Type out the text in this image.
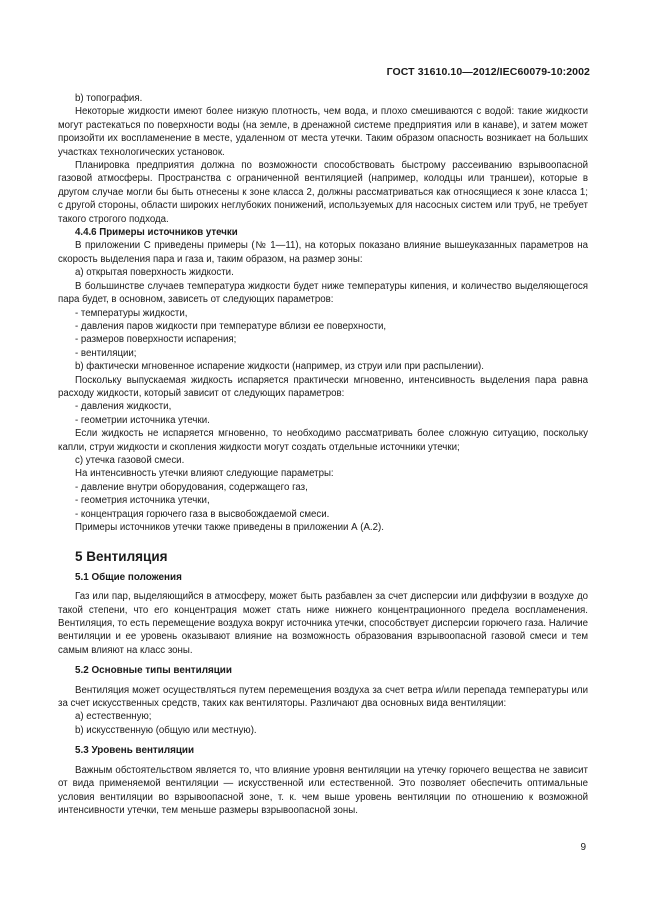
ГОСТ 31610.10—2012/IEC60079-10:2002

b) топография.

Некоторые жидкости имеют более низкую плотность, чем вода, и плохо смешиваются с водой: такие жидкости могут растекаться по поверхности воды (на земле, в дренажной системе предприятия или в канаве), и затем может произойти их воспламенение в месте, удаленном от места утечки. Таким образом опасность возникает на больших участках технологических установок.

Планировка предприятия должна по возможности способствовать быстрому рассеиванию взрывоопасной газовой атмосферы. Пространства с ограниченной вентиляцией (например, колодцы или траншеи), которые в другом случае могли бы быть отнесены к зоне класса 2, должны рассматриваться как относящиеся к зоне класса 1; с другой стороны, области широких неглубоких понижений, используемых для насосных систем или труб, не требует такого строгого подхода.

4.4.6 Примеры источников утечки

В приложении С приведены примеры (№ 1—11), на которых показано влияние вышеуказанных параметров на скорость выделения пара и газа и, таким образом, на размер зоны:

a) открытая поверхность жидкости.

В большинстве случаев температура жидкости будет ниже температуры кипения, и количество выделяющегося пара будет, в основном, зависеть от следующих параметров:

- температуры жидкости,

- давления паров жидкости при температуре вблизи ее поверхности,

- размеров поверхности испарения;

- вентиляции;

b) фактически мгновенное испарение жидкости (например, из струи или при распылении).

Поскольку выпускаемая жидкость испаряется практически мгновенно, интенсивность выделения пара равна расходу жидкости, который зависит от следующих параметров:

- давления жидкости,

- геометрии источника утечки.

Если жидкость не испаряется мгновенно, то необходимо рассматривать более сложную ситуацию, поскольку капли, струи жидкости и скопления жидкости могут создать отдельные источники утечки;

c) утечка газовой смеси.

На интенсивность утечки влияют следующие параметры:

- давление внутри оборудования, содержащего газ,

- геометрия источника утечки,

- концентрация горючего газа в высвобождаемой смеси.

Примеры источников утечки также приведены в приложении А (А.2).

5 Вентиляция
5.1 Общие положения

Газ или пар, выделяющийся в атмосферу, может быть разбавлен за счет дисперсии или диффузии в воздухе до такой степени, что его концентрация может стать ниже нижнего концентрационного предела воспламенения. Вентиляция, то есть перемещение воздуха вокруг источника утечки, способствует дисперсии горючего газа. Наличие вентиляции и ее уровень оказывают влияние на возможность образования взрывоопасной газовой смеси и тем самым влияют на класс зоны.

5.2 Основные типы вентиляции

Вентиляция может осуществляться путем перемещения воздуха за счет ветра и/или перепада температуры или за счет искусственных средств, таких как вентиляторы. Различают два основных вида вентиляции:

a) естественную;

b) искусственную (общую или местную).

5.3 Уровень вентиляции

Важным обстоятельством является то, что влияние уровня вентиляции на утечку горючего вещества не зависит от вида применяемой вентиляции — искусственной или естественной. Это позволяет обеспечить оптимальные условия вентиляции во взрывоопасной зоне, т. к. чем выше уровень вентиляции по отношению к возможной интенсивности утечки, тем меньше размеры взрывоопасной зоны.

9
